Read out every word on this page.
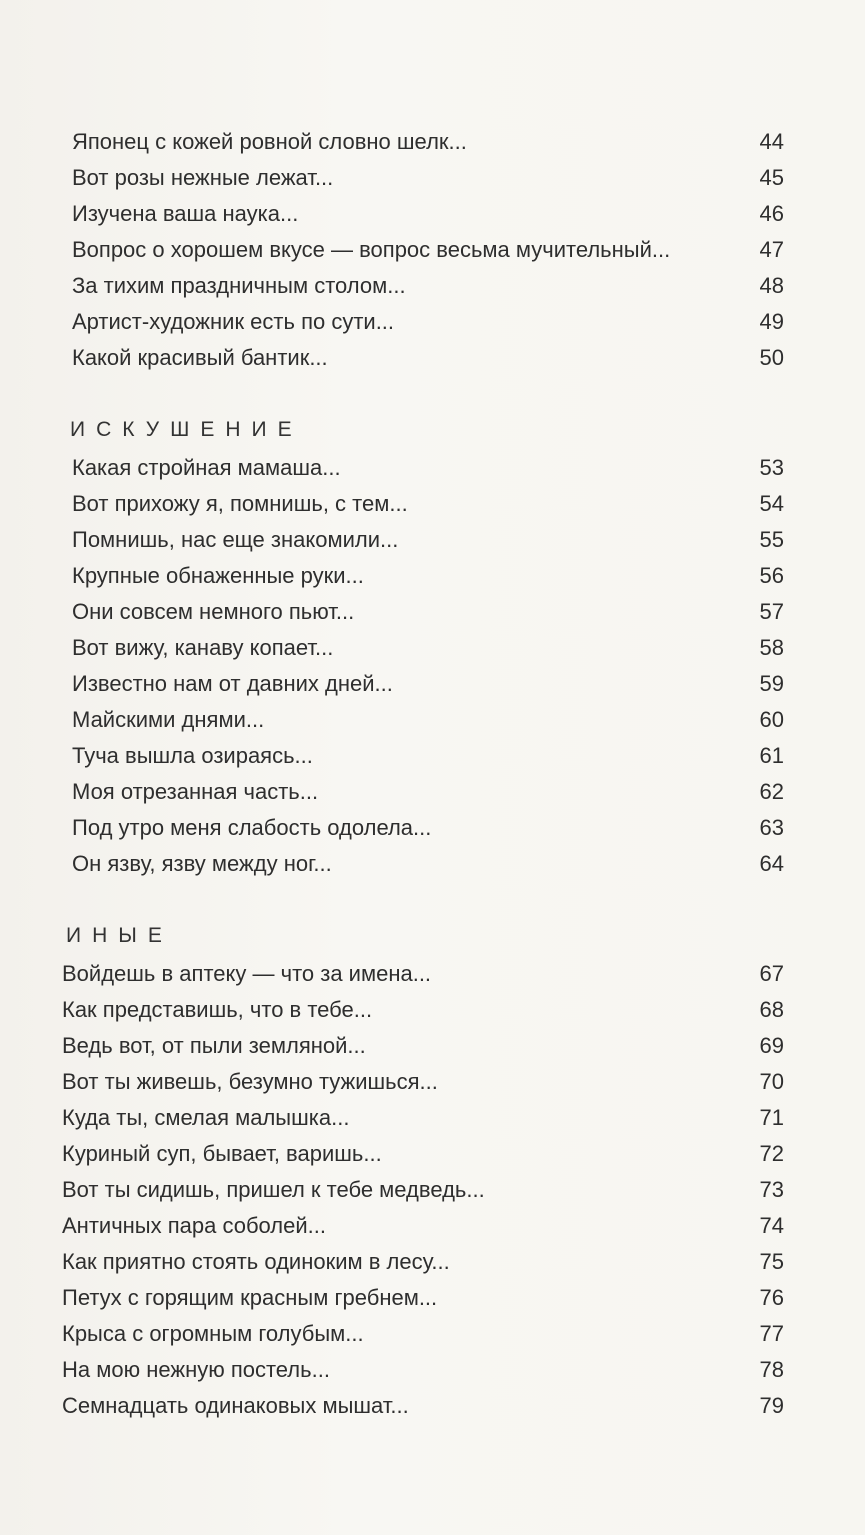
Японец с кожей ровной словно шелк...	44
Вот розы нежные лежат...	45
Изучена ваша наука...	46
Вопрос о хорошем вкусе — вопрос весьма мучительный...	47
За тихим праздничным столом...	48
Артист-художник есть по сути...	49
Какой красивый бантик...	50
ИСКУШЕНИЕ
Какая стройная мамаша...	53
Вот прихожу я, помнишь, с тем...	54
Помнишь, нас еще знакомили...	55
Крупные обнаженные руки...	56
Они совсем немного пьют...	57
Вот вижу, канаву копает...	58
Известно нам от давних дней...	59
Майскими днями...	60
Туча вышла озираясь...	61
Моя отрезанная часть...	62
Под утро меня слабость одолела...	63
Он язву, язву между ног...	64
ИНЫЕ
Войдешь в аптеку — что за имена...	67
Как представишь, что в тебе...	68
Ведь вот, от пыли земляной...	69
Вот ты живешь, безумно тужишься...	70
Куда ты, смелая малышка...	71
Куриный суп, бывает, варишь...	72
Вот ты сидишь, пришел к тебе медведь...	73
Античных пара соболей...	74
Как приятно стоять одиноким в лесу...	75
Петух с горящим красным гребнем...	76
Крыса с огромным голубым...	77
На мою нежную постель...	78
Семнадцать одинаковых мышат...	79
